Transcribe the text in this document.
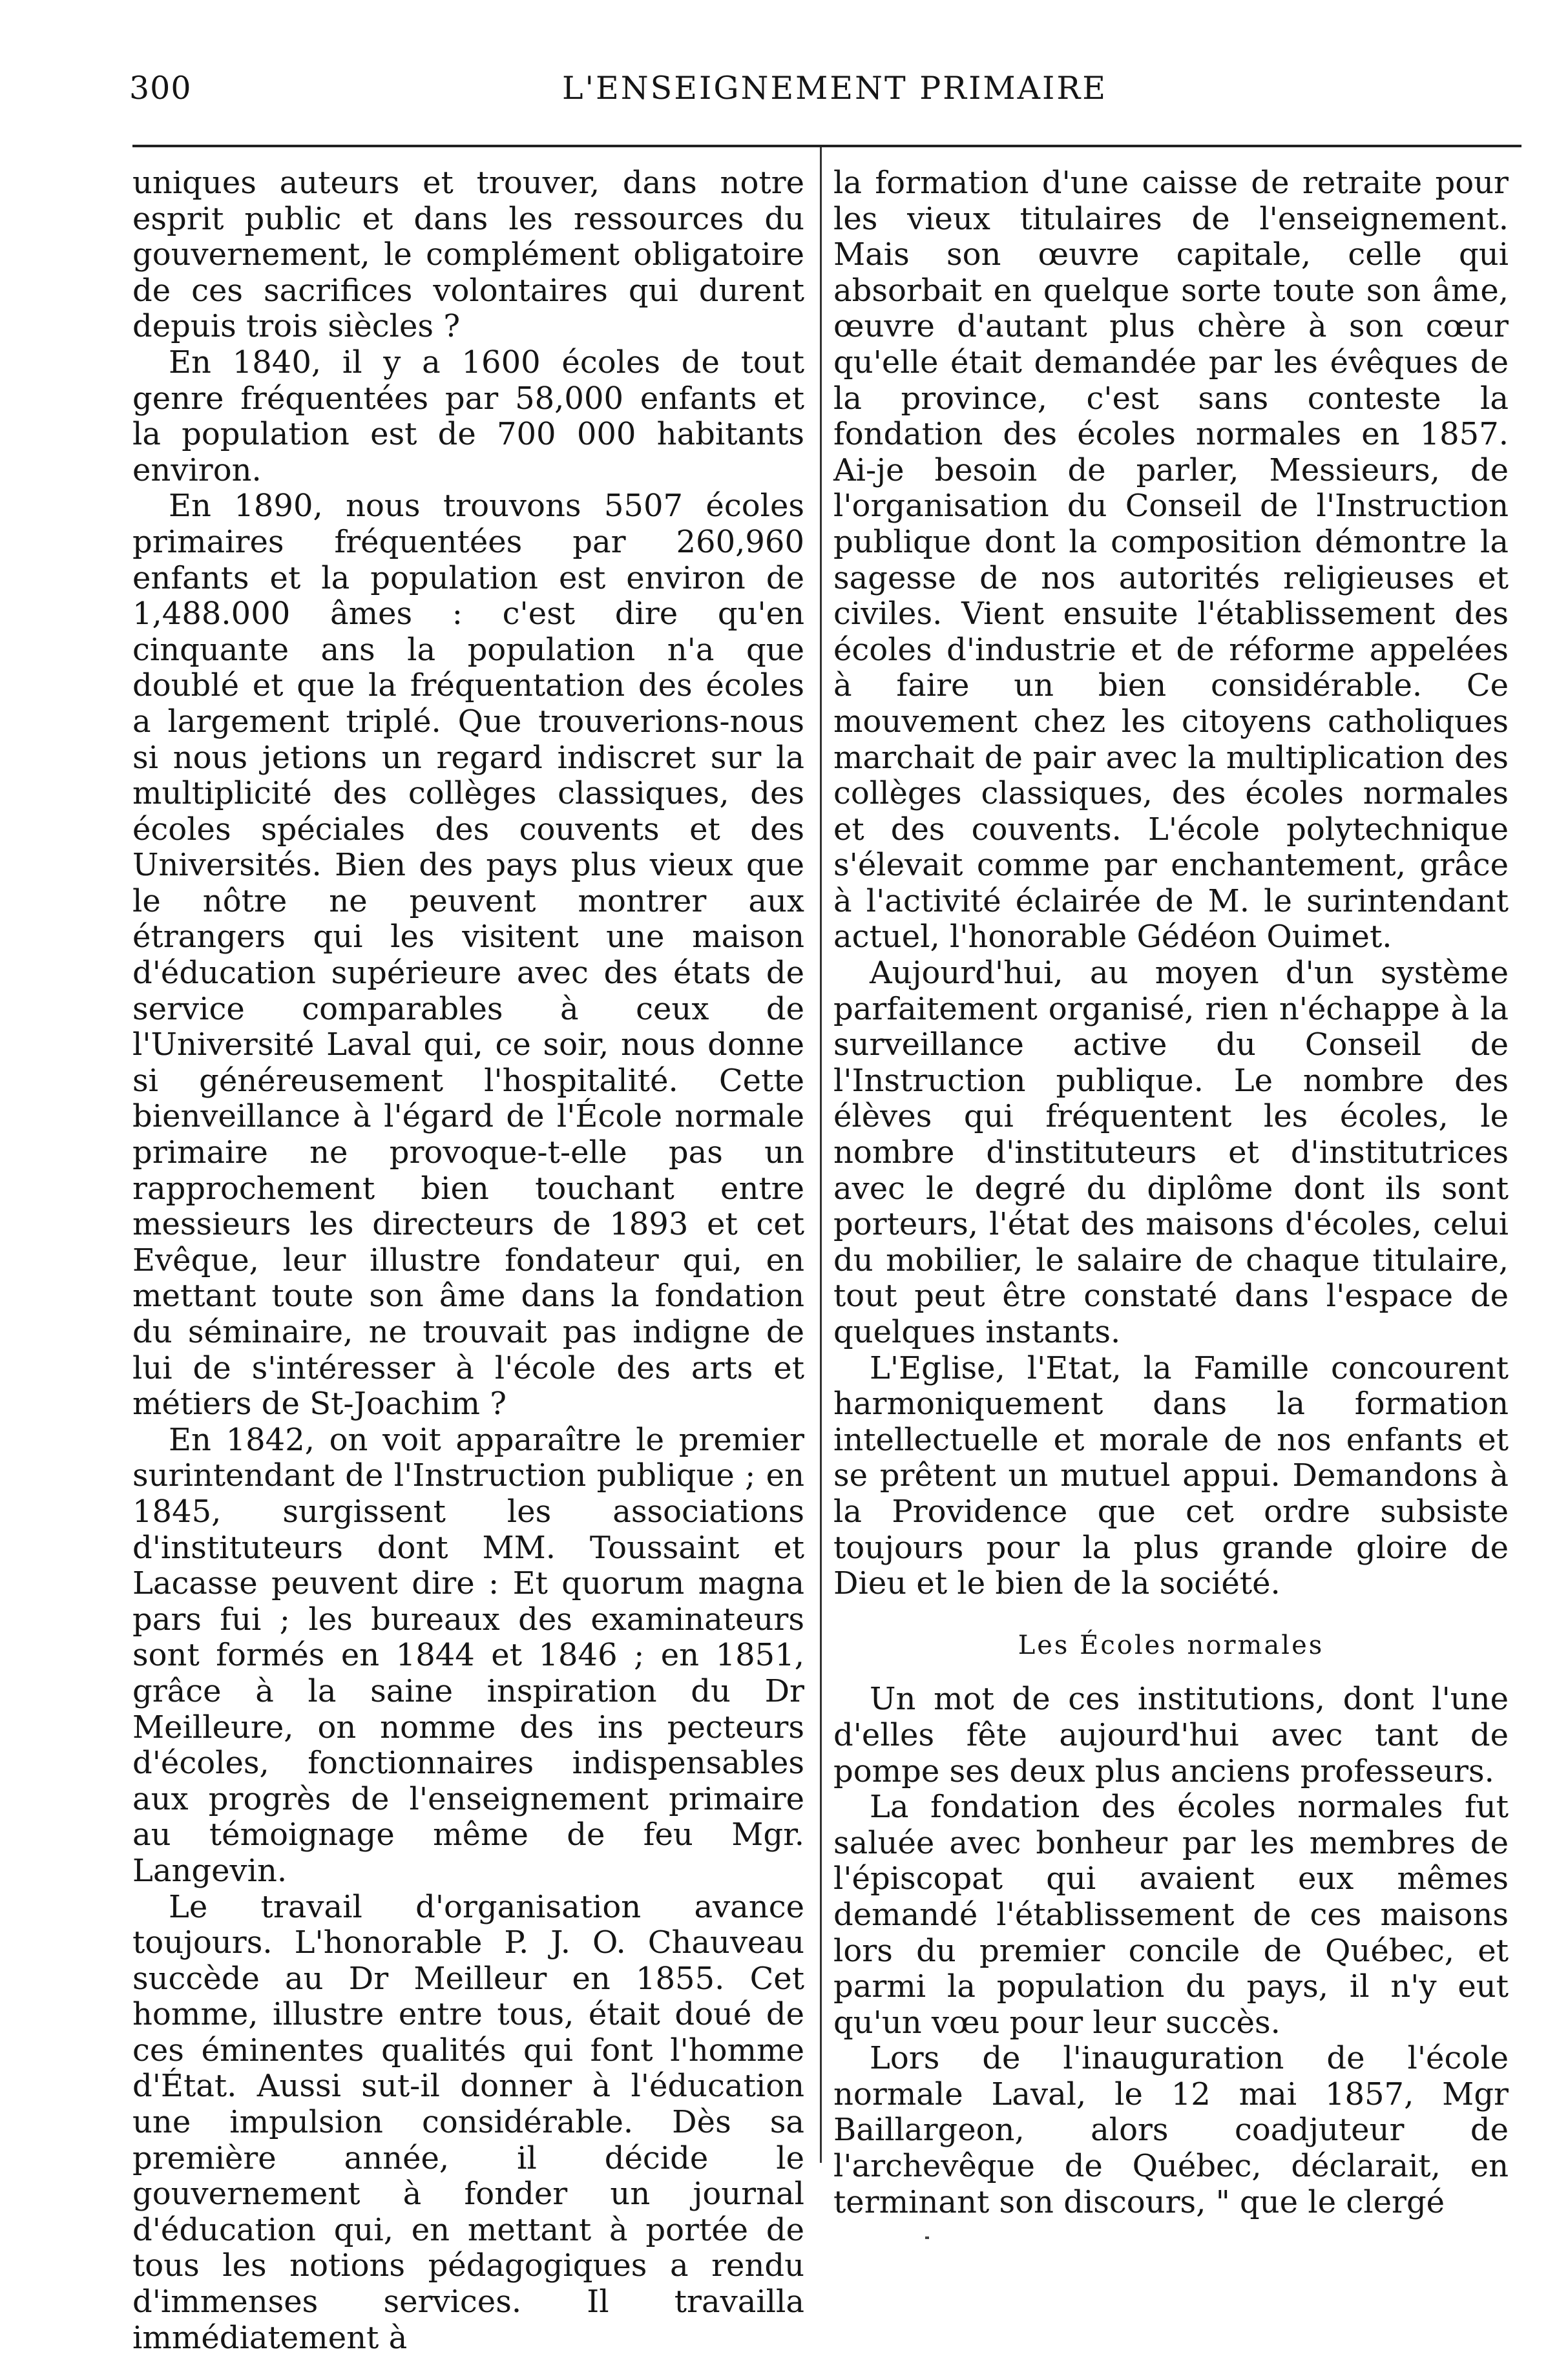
300	L'ENSEIGNEMENT PRIMAIRE

uniques auteurs et trouver, dans notre esprit public et dans les ressources du gouvernement, le complément obligatoire de ces sacrifices volontaires qui durent depuis trois siècles ?

En 1840, il y a 1600 écoles de tout genre fréquentées par 58,000 enfants et la population est de 700 000 habitants environ.

En 1890, nous trouvons 5507 écoles primaires fréquentées par 260,960 enfants et la population est environ de 1,488.000 âmes : c'est dire qu'en cinquante ans la population n'a que doublé et que la fréquentation des écoles a largement triplé. Que trouverions-nous si nous jetions un regard indiscret sur la multiplicité des collèges classiques, des écoles spéciales des couvents et des Universités. Bien des pays plus vieux que le nôtre ne peuvent montrer aux étrangers qui les visitent une maison d'éducation supérieure avec des états de service comparables à ceux de l'Université Laval qui, ce soir, nous donne si généreusement l'hospitalité. Cette bienveillance à l'égard de l'École normale primaire ne provoque-t-elle pas un rapprochement bien touchant entre messieurs les directeurs de 1893 et cet Evêque, leur illustre fondateur qui, en mettant toute son âme dans la fondation du séminaire, ne trouvait pas indigne de lui de s'intéresser à l'école des arts et métiers de St-Joachim ?

En 1842, on voit apparaître le premier surintendant de l'Instruction publique ; en 1845, surgissent les associations d'instituteurs dont MM. Toussaint et Lacasse peuvent dire : Et quorum magna pars fui ; les bureaux des examinateurs sont formés en 1844 et 1846 ; en 1851, grâce à la saine inspiration du Dr Meilleure, on nomme des ins pecteurs d'écoles, fonctionnaires indispensables aux progrès de l'enseignement primaire au témoignage même de feu Mgr. Langevin.

Le travail d'organisation avance toujours. L'honorable P. J. O. Chauveau succède au Dr Meilleur en 1855. Cet homme, illustre entre tous, était doué de ces éminentes qualités qui font l'homme d'État. Aussi sut-il donner à l'éducation une impulsion considérable. Dès sa première année, il décide le gouvernement à fonder un journal d'éducation qui, en mettant à portée de tous les notions pédagogiques a rendu d'immenses services. Il travailla immédiatement à

la formation d'une caisse de retraite pour les vieux titulaires de l'enseignement. Mais son œuvre capitale, celle qui absorbait en quelque sorte toute son âme, œuvre d'autant plus chère à son cœur qu'elle était demandée par les évêques de la province, c'est sans conteste la fondation des écoles normales en 1857. Ai-je besoin de parler, Messieurs, de l'organisation du Conseil de l'Instruction publique dont la composition démontre la sagesse de nos autorités religieuses et civiles. Vient ensuite l'établissement des écoles d'industrie et de réforme appelées à faire un bien considérable. Ce mouvement chez les citoyens catholiques marchait de pair avec la multiplication des collèges classiques, des écoles normales et des couvents. L'école polytechnique s'élevait comme par enchantement, grâce à l'activité éclairée de M. le surintendant actuel, l'honorable Gédéon Ouimet.

Aujourd'hui, au moyen d'un système parfaitement organisé, rien n'échappe à la surveillance active du Conseil de l'Instruction publique. Le nombre des élèves qui fréquentent les écoles, le nombre d'instituteurs et d'institutrices avec le degré du diplôme dont ils sont porteurs, l'état des maisons d'écoles, celui du mobilier, le salaire de chaque titulaire, tout peut être constaté dans l'espace de quelques instants.

L'Eglise, l'Etat, la Famille concourent harmoniquement dans la formation intellectuelle et morale de nos enfants et se prêtent un mutuel appui. Demandons à la Providence que cet ordre subsiste toujours pour la plus grande gloire de Dieu et le bien de la société.

Les Écoles normales

Un mot de ces institutions, dont l'une d'elles fête aujourd'hui avec tant de pompe ses deux plus anciens professeurs.

La fondation des écoles normales fut saluée avec bonheur par les membres de l'épiscopat qui avaient eux mêmes demandé l'établissement de ces maisons lors du premier concile de Québec, et parmi la population du pays, il n'y eut qu'un vœu pour leur succès.

Lors de l'inauguration de l'école normale Laval, le 12 mai 1857, Mgr Baillargeon, alors coadjuteur de l'archevêque de Québec, déclarait, en terminant son discours, " que le clergé
